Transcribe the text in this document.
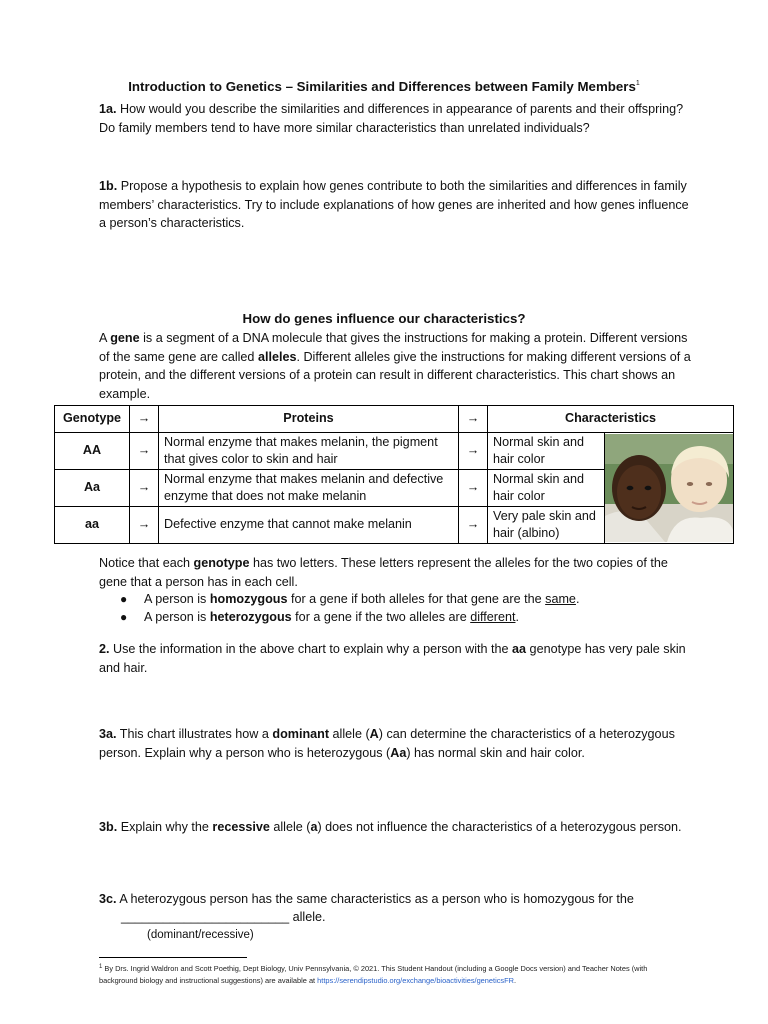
Introduction to Genetics – Similarities and Differences between Family Members$^1$
1a. How would you describe the similarities and differences in appearance of parents and their offspring? Do family members tend to have more similar characteristics than unrelated individuals?
1b. Propose a hypothesis to explain how genes contribute to both the similarities and differences in family members’ characteristics. Try to include explanations of how genes are inherited and how genes influence a person’s characteristics.
How do genes influence our characteristics?
A gene is a segment of a DNA molecule that gives the instructions for making a protein. Different versions of the same gene are called alleles. Different alleles give the instructions for making different versions of a protein, and the different versions of a protein can result in different characteristics. This chart shows an example.
Genotype	→	Proteins	→	Characteristics	
AA	→	Normal enzyme that makes melanin, the pigment that gives color to skin and hair	→	Normal skin and hair color	

Aa	→	Normal enzyme that makes melanin and defective enzyme that does not make melanin	→	Normal skin and hair color	
aa	→	Defective enzyme that cannot make melanin	→	Very pale skin and hair (albino)	
Notice that each genotype has two letters. These letters represent the alleles for the two copies of the gene that a person has in each cell.
● A person is homozygous for a gene if both alleles for that gene are the same.
● A person is heterozygous for a gene if the two alleles are different.
2. Use the information in the above chart to explain why a person with the aa genotype has very pale skin and hair.
3a. This chart illustrates how a dominant allele (A) can determine the characteristics of a heterozygous person. Explain why a person who is heterozygous (Aa) has normal skin and hair color.
3b. Explain why the recessive allele (a) does not influence the characteristics of a heterozygous person.
3c. A heterozygous person has the same characteristics as a person who is homozygous for the
________________________ allele.
(dominant/recessive)
$^1$ By Drs. Ingrid Waldron and Scott Poethig, Dept Biology, Univ Pennsylvania, © 2021. This Student Handout (including a Google Docs version) and Teacher Notes (with background biology and instructional suggestions) are available at https://serendipstudio.org/exchange/bioactivities/geneticsFR.
